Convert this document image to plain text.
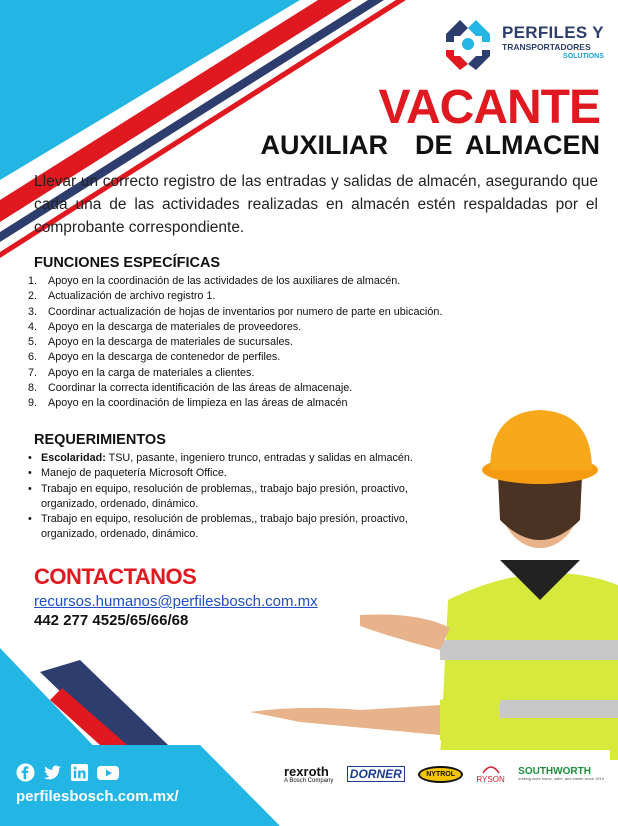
PERFILES Y
TRANSPORTADORES
SOLUTIONS
VACANTE
AUXILIAR  DE ALMACEN

Llevar un correcto registro de las entradas y salidas de almacén, asegurando que cada una de las actividades realizadas en almacén estén respaldadas por el comprobante correspondiente.

FUNCIONES ESPECÍFICAS
1.	Apoyo en la coordinación de las actividades de los auxiliares de almacén.
2.	Actualización de archivo registro 1.
3.	Coordinar actualización de hojas de inventarios por numero de parte en ubicación.
4.	Apoyo en la descarga de materiales de proveedores.
5.	Apoyo en la descarga de materiales de sucursales.
6.	Apoyo en la descarga de contenedor de perfiles.
7.	Apoyo en la carga de materiales a clientes.
8.	Coordinar la correcta identificación de las áreas de almacenaje.
9.	Apoyo en la coordinación de limpieza en las áreas de almacén
REQUERIMIENTOS
• Escolaridad: TSU, pasante, ingeniero trunco, entradas y salidas en almacén.
• Manejo de paquetería Microsoft Office.
• Trabajo en equipo, resolución de problemas,, trabajo bajo presión, proactivo, organizado, ordenado, dinámico.
• Trabajo en equipo, resolución de problemas,, trabajo bajo presión, proactivo, organizado, ordenado, dinámico.
CONTACTANOS
recursos.humanos@perfilesbosch.com.mx
442 277 4525/65/66/68
perfilesbosch.com.mx/
rexroth
A Bosch Company DORNER	NYTROL
RYSON
SOUTHWORTH
making work home, safer, and easier since 1919
